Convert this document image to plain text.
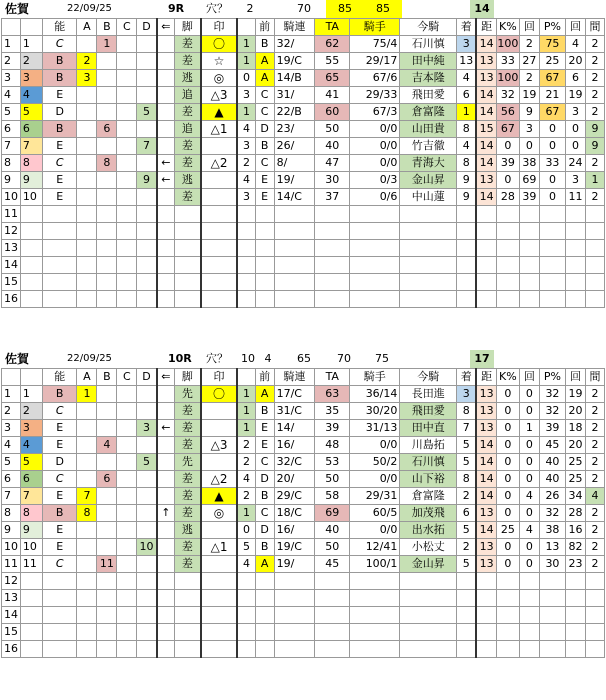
佐賀	22/09/25	9R 穴？	2	70	85	85	14
		能	A	B	C	D	⇐	脚	印		前	騎連	TA	騎手	今騎	着	距	K%	回	P%	回	間
1	1	C		1				差	〇	1	B	32/	62	75/4	石川慎	3	14	100	2	75	4	2
2	2	B	2					差	☆	1	A	19/C	55	29/17	田中純	13	13	33	27	25	20	2
3	3	B	3					逃	◎	0	A	14/B	65	67/6	吉本隆	4	13	100	2	67	6	2
4	4	E						追	△3	3	C	31/	41	29/33	飛田愛	6	14	32	19	21	19	2
5	5	D				5		差	▲	1	C	22/B	60	67/3	倉富隆	1	14	56	9	67	3	2
6	6	B		6				追	△1	4	D	23/	50	0/0	山田貴	8	15	67	3	0	0	9
7	7	E				7		差		3	B	26/	40	0/0	竹吉徹	4	14	0	0	0	0	9
8	8	C		8			←	差	△2	2	C	8/	47	0/0	青海大	8	14	39	38	33	24	2
9	9	E				9	←	逃		4	E	19/	30	0/3	金山昇	9	13	0	69	0	3	1
10	10	E						差		3	E	14/C	37	0/6	中山蓮	9	14	28	39	0	11	2
11																						
12																						
13																						
14																						
15																						
16																						
佐賀	22/09/25	10R 穴？	10 4	65	70	75	17
		能	A	B	C	D	⇐	脚	印		前	騎連	TA	騎手	今騎	着	距	K%	回	P%	回	間
1	1	B	1					先	〇	1	A	17/C	63	36/14	長田進	3	13	0	0	32	19	2
2	2	C						差		1	B	31/C	35	30/20	飛田愛	8	13	0	0	32	20	2
3	3	E				3	←	差		1	E	14/	39	31/13	田中直	7	13	0	1	39	18	2
4	4	E		4				差	△3	2	E	16/	48	0/0	川島拓	5	14	0	0	45	20	2
5	5	D				5		先		2	C	32/C	53	50/2	石川慎	5	14	0	0	40	25	2
6	6	C		6				差	△2	4	D	20/	50	0/0	山下裕	8	14	0	0	40	25	2
7	7	E	7					差	▲	2	B	29/C	58	29/31	倉富隆	2	14	0	4	26	34	4
8	8	B	8				↑	差	◎	1	C	18/C	69	60/5	加茂飛	6	13	0	0	32	28	2
9	9	E						逃		0	D	16/	40	0/0	出水拓	5	14	25	4	38	16	2
10	10	E				10		差	△1	5	B	19/C	50	12/41	小松丈	2	13	0	0	13	82	2
11	11	C		11				差		4	A	19/	45	100/1	金山昇	5	13	0	0	30	23	2
12																						
13																						
14																						
15																						
16																						
